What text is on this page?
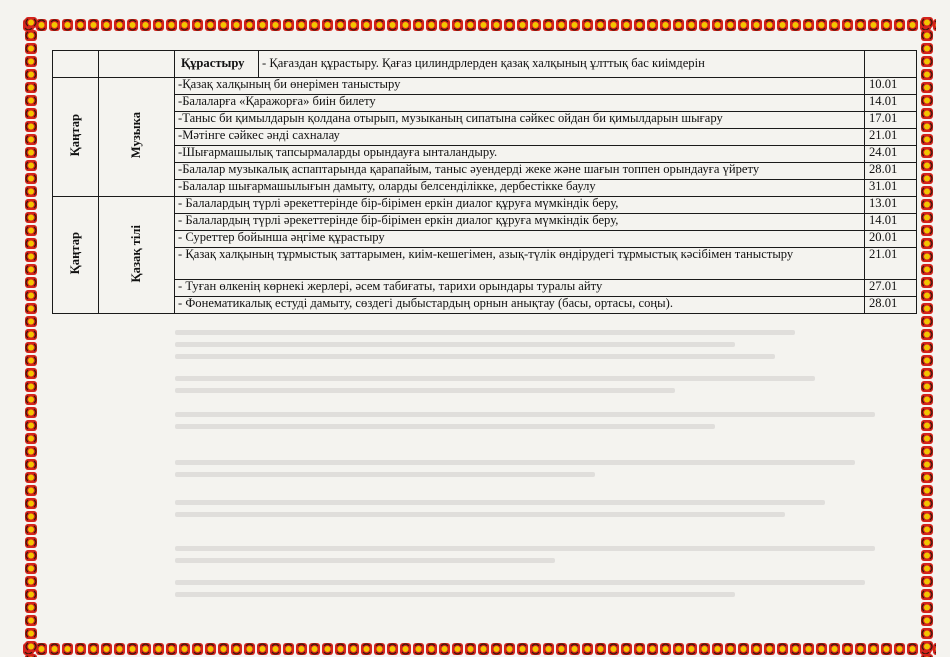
		Құрастыру	- Қағаздан құрастыру. Қағаз цилиндрлерден қазақ халқының ұлттық бас киімдерін	
Қаңтар	Музыка	-Қазақ халқының би өнерімен таныстыру		10.01
		-Балаларға «Қаражорға» биін билету		14.01
		-Таныс би қимылдарын қолдана отырып, музыканың сипатына сәйкес ойдан би қимылдарын шығару		17.01
		-Мәтінге сәйкес әнді сахналау		21.01
		-Шығармашылық тапсырмаларды орындауға ынталандыру.		24.01
		-Балалар музыкалық аспаптарында қарапайым, таныс әуендерді жеке және шағын топпен орындауға үйрету		28.01
		-Балалар шығармашылығын дамыту, оларды белсенділікке, дербестікке баулу		31.01
Қаңтар	Қазақ тілі	- Балалардың түрлі әрекеттерінде бір-бірімен еркін диалог құруға мүмкіндік беру,		13.01
		- Балалардың түрлі әрекеттерінде бір-бірімен еркін диалог құруға мүмкіндік беру,		14.01
		- Суреттер бойынша әңгіме құрастыру		20.01
		- Қазақ халқының тұрмыстық заттарымен, киім-кешегімен, азық-түлік өндірудегі тұрмыстық кәсібімен таныстыру		21.01
		- Туған өлкенің көрнекі жерлері, әсем табиғаты, тарихи орындары туралы айту		27.01
		- Фонематикалық естуді дамыту, сөздегі дыбыстардың орнын анықтау (басы, ортасы, соңы).		28.01
